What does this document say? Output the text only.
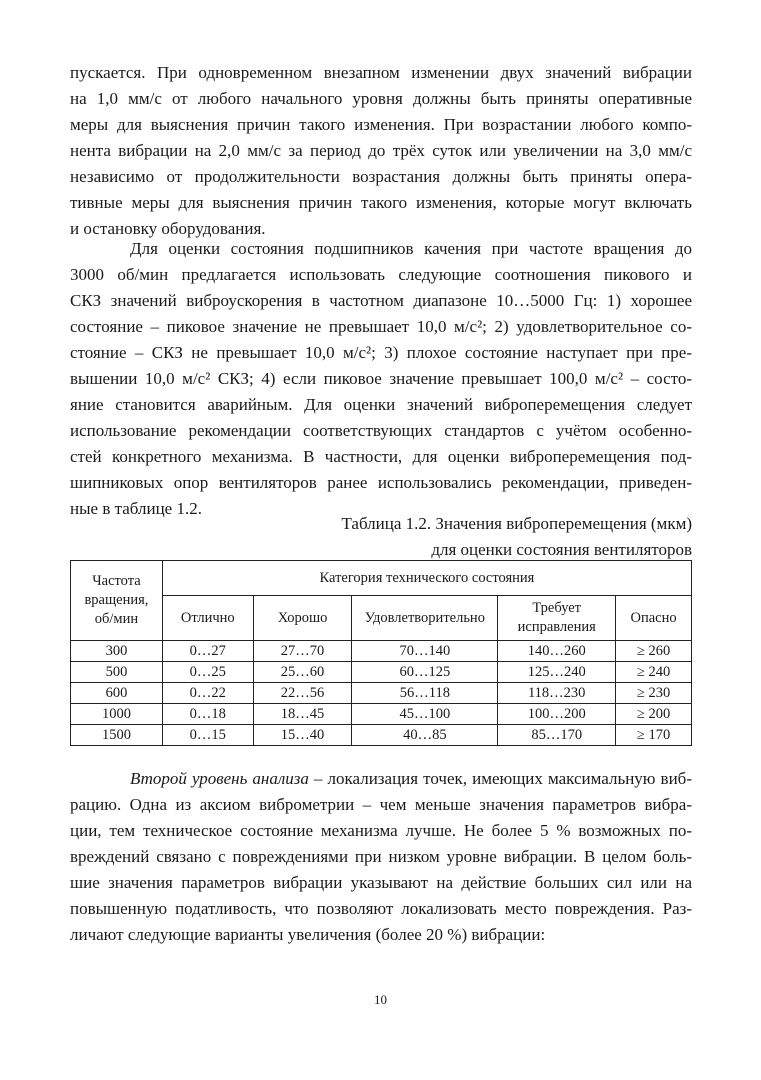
пускается. При одновременном внезапном изменении двух значений вибрации
на 1,0 мм/с от любого начального уровня должны быть приняты оперативные
меры для выяснения причин такого изменения. При возрастании любого компо-
нента вибрации на 2,0 мм/с за период до трёх суток или увеличении на 3,0 мм/с
независимо от продолжительности возрастания должны быть приняты опера-
тивные меры для выяснения причин такого изменения, которые могут включать
и остановку оборудования.
Для оценки состояния подшипников качения при частоте вращения до
3000 об/мин предлагается использовать следующие соотношения пикового и
СКЗ значений виброускорения в частотном диапазоне 10…5000 Гц: 1) хорошее
состояние – пиковое значение не превышает 10,0 м/с²; 2) удовлетворительное со-
стояние – СКЗ не превышает 10,0 м/с²; 3) плохое состояние наступает при пре-
вышении 10,0 м/с² СКЗ; 4) если пиковое значение превышает 100,0 м/с² – состо-
яние становится аварийным. Для оценки значений виброперемещения следует
использование рекомендации соответствующих стандартов с учётом особенно-
стей конкретного механизма. В частности, для оценки виброперемещения под-
шипниковых опор вентиляторов ранее использовались рекомендации, приведен-
ные в таблице 1.2.
Таблица 1.2. Значения виброперемещения (мкм)
для оценки состояния вентиляторов
Частота вращения, об/мин	Категория технического состояния				
	Отлично	Хорошо	Удовлетворительно	Требует исправления	Опасно
300	0…27	27…70	70…140	140…260	≥ 260
500	0…25	25…60	60…125	125…240	≥ 240
600	0…22	22…56	56…118	118…230	≥ 230
1000	0…18	18…45	45…100	100…200	≥ 200
1500	0…15	15…40	40…85	85…170	≥ 170
Второй уровень анализа – локализация точек, имеющих максимальную виб-
рацию. Одна из аксиом виброметрии – чем меньше значения параметров вибра-
ции, тем техническое состояние механизма лучше. Не более 5 % возможных по-
вреждений связано с повреждениями при низком уровне вибрации. В целом боль-
шие значения параметров вибрации указывают на действие больших сил или на
повышенную податливость, что позволяют локализовать место повреждения. Раз-
личают следующие варианты увеличения (более 20 %) вибрации:
10
